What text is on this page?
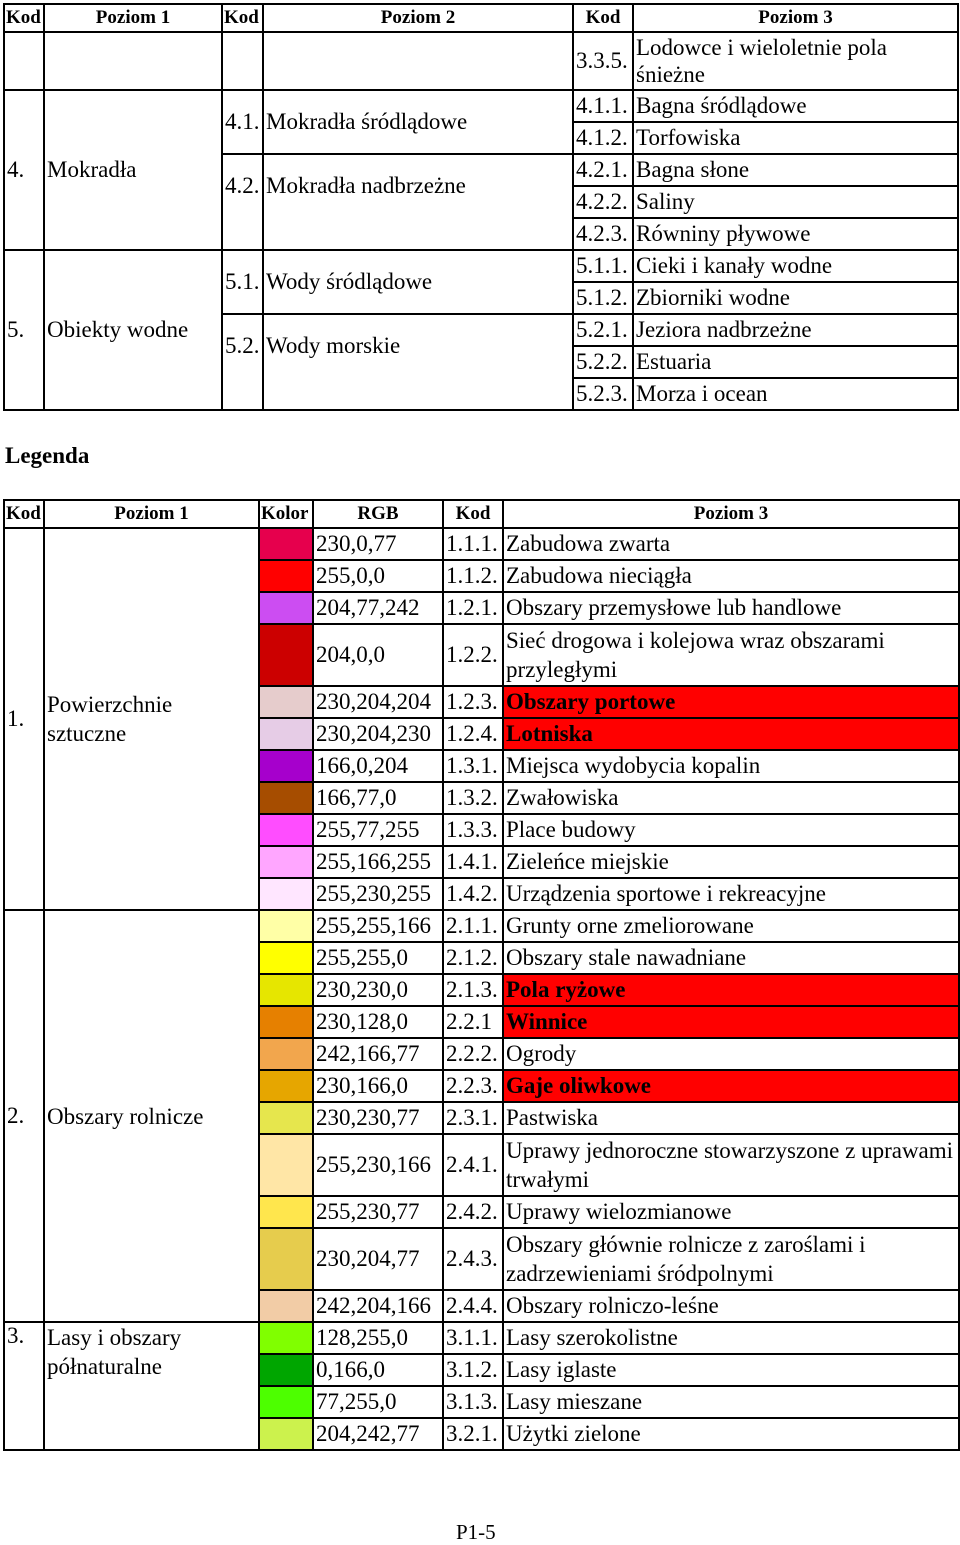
Kod	Poziom 1	Kod	Poziom 2	Kod	Poziom 3
				3.3.5.	Lodowce i wieloletnie pola śnieżne
4.	Mokradła	4.1.	Mokradła śródlądowe	4.1.1.	Bagna śródlądowe
				4.1.2.	Torfowiska
		4.2.	Mokradła nadbrzeżne	4.2.1.	Bagna słone
				4.2.2.	Saliny
				4.2.3.	Równiny pływowe
5.	Obiekty wodne	5.1.	Wody śródlądowe	5.1.1.	Cieki i kanały wodne
				5.1.2.	Zbiorniki wodne
		5.2.	Wody morskie	5.2.1.	Jeziora nadbrzeżne
				5.2.2.	Estuaria
				5.2.3.	Morza i ocean
Legenda
Kod	Poziom 1	Kolor	RGB	Kod	Poziom 3
1.	Powierzchnie sztuczne		230,0,77	1.1.1.	Zabudowa zwarta

			255,0,0	1.1.2.	Zabudowa nieciągła

			204,77,242	1.2.1.	Obszary przemysłowe lub handlowe

			204,0,0	1.2.2.	Sieć drogowa i kolejowa wraz obszarami przyległymi

			230,204,204	1.2.3.	Obszary portowe

			230,204,230	1.2.4.	Lotniska

			166,0,204	1.3.1.	Miejsca wydobycia kopalin

			166,77,0	1.3.2.	Zwałowiska

			255,77,255	1.3.3.	Place budowy

			255,166,255	1.4.1.	Zieleńce miejskie

			255,230,255	1.4.2.	Urządzenia sportowe i rekreacyjne
2.	Obszary rolnicze		255,255,166	2.1.1.	Grunty orne zmeliorowane

			255,255,0	2.1.2.	Obszary stale nawadniane

			230,230,0	2.1.3.	Pola ryżowe

			230,128,0	2.2.1	Winnice

			242,166,77	2.2.2.	Ogrody

			230,166,0	2.2.3.	Gaje oliwkowe

			230,230,77	2.3.1.	Pastwiska

			255,230,166	2.4.1.	Uprawy jednoroczne stowarzyszone z uprawami trwałymi

			255,230,77	2.4.2.	Uprawy wielozmianowe

			230,204,77	2.4.3.	Obszary głównie rolnicze z zaroślami i zadrzewieniami śródpolnymi

			242,204,166	2.4.4.	Obszary rolniczo-leśne
3.	Lasy i obszary półnaturalne		128,255,0	3.1.1.	Lasy szerokolistne

			0,166,0	3.1.2.	Lasy iglaste

			77,255,0	3.1.3.	Lasy mieszane

			204,242,77	3.2.1.	Użytki zielone
P1-5
